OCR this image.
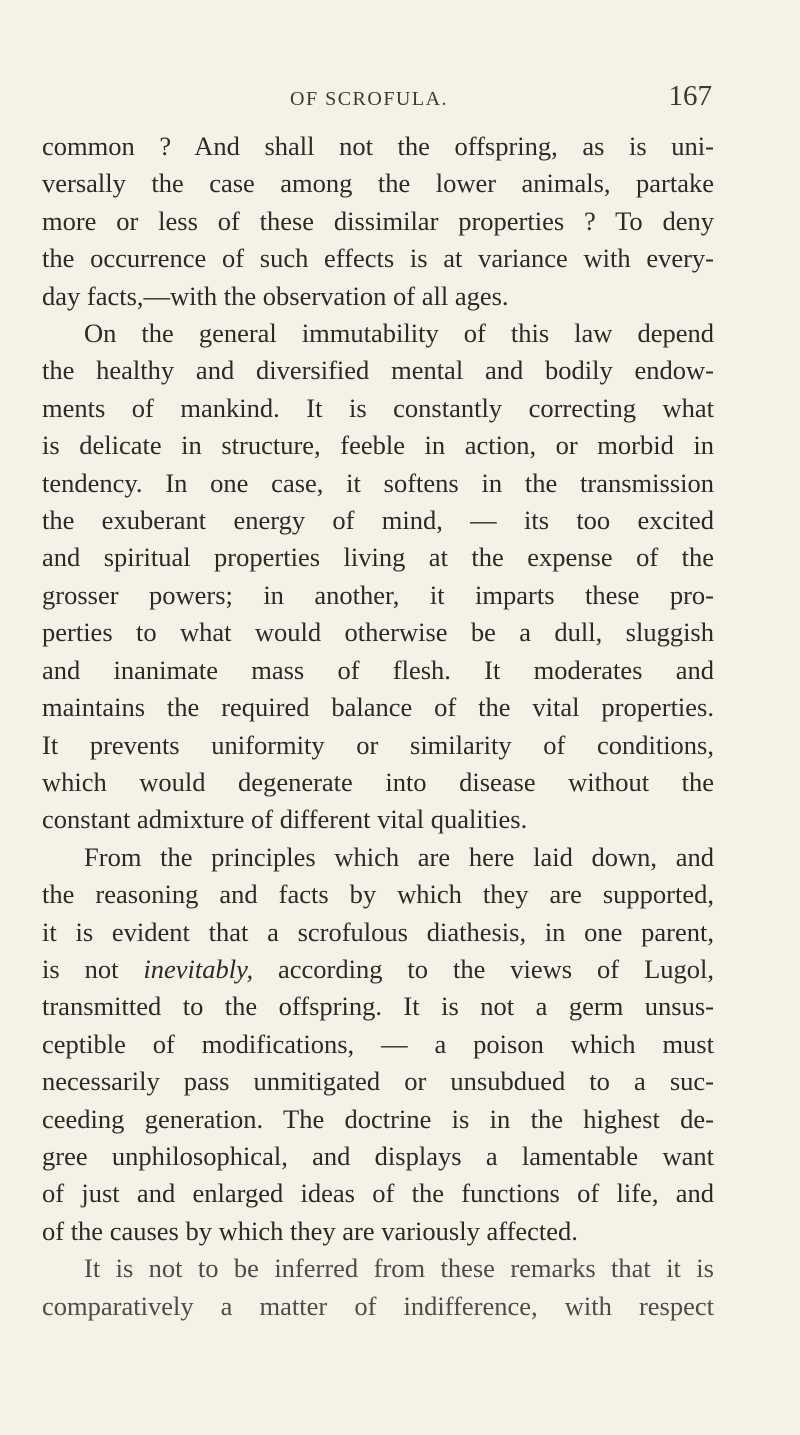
OF SCROFULA.	167
common ? And shall not the offspring, as is uni-
versally the case among the lower animals, partake
more or less of these dissimilar properties ? To deny
the occurrence of such effects is at variance with every-
day facts,—with the observation of all ages.
On the general immutability of this law depend
the healthy and diversified mental and bodily endow-
ments of mankind. It is constantly correcting what
is delicate in structure, feeble in action, or morbid in
tendency. In one case, it softens in the transmission
the exuberant energy of mind, — its too excited
and spiritual properties living at the expense of the
grosser powers; in another, it imparts these pro-
perties to what would otherwise be a dull, sluggish
and inanimate mass of flesh. It moderates and
maintains the required balance of the vital properties.
It prevents uniformity or similarity of conditions,
which would degenerate into disease without the
constant admixture of different vital qualities.
From the principles which are here laid down, and
the reasoning and facts by which they are supported,
it is evident that a scrofulous diathesis, in one parent,
is not inevitably, according to the views of Lugol,
transmitted to the offspring. It is not a germ unsus-
ceptible of modifications, — a poison which must
necessarily pass unmitigated or unsubdued to a suc-
ceeding generation. The doctrine is in the highest de-
gree unphilosophical, and displays a lamentable want
of just and enlarged ideas of the functions of life, and
of the causes by which they are variously affected.
It is not to be inferred from these remarks that it is
comparatively a matter of indifference, with respect
